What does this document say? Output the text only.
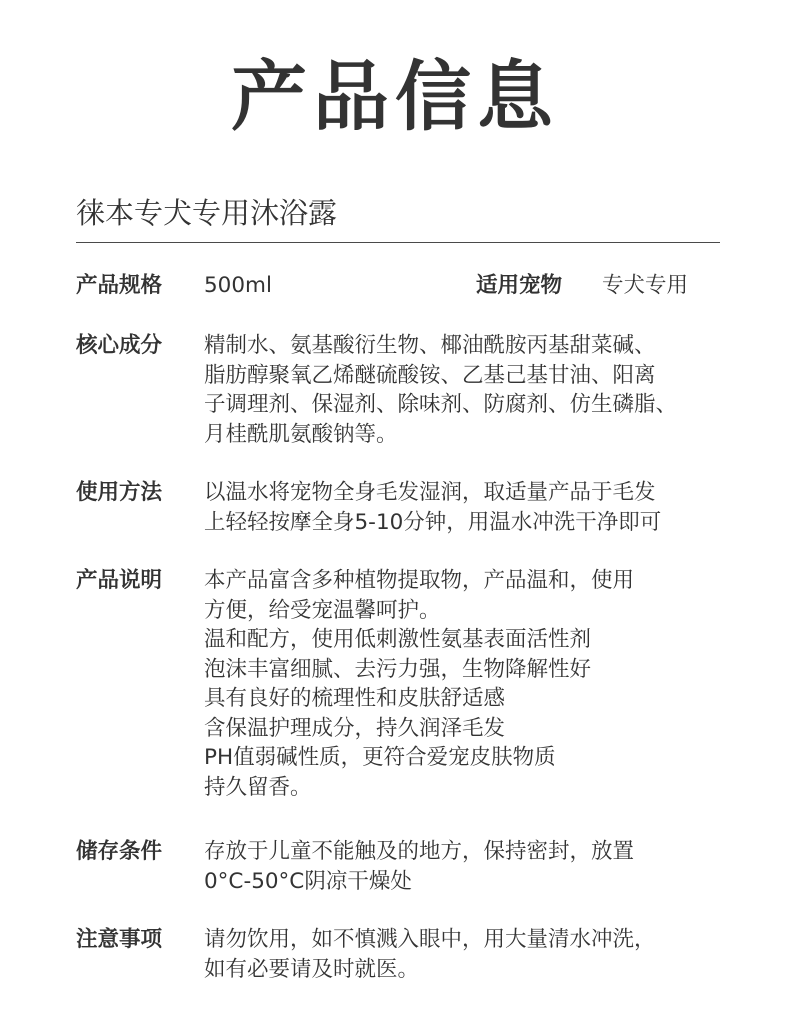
产品信息
徕本专犬专用沐浴露
产品规格	500ml	适用宠物 专犬专用
核心成分	精制水、氨基酸衍生物、椰油酰胺丙基甜菜碱、
脂肪醇聚氧乙烯醚硫酸铵、乙基己基甘油、阳离
子调理剂、保湿剂、除味剂、防腐剂、仿生磷脂、
月桂酰肌氨酸钠等。
使用方法	以温水将宠物全身毛发湿润，取适量产品于毛发
上轻轻按摩全身5-10分钟，用温水冲洗干净即可
产品说明	本产品富含多种植物提取物，产品温和，使用
方便，给受宠温馨呵护。
温和配方，使用低刺激性氨基表面活性剂
泡沫丰富细腻、去污力强，生物降解性好
具有良好的梳理性和皮肤舒适感
含保温护理成分，持久润泽毛发
PH值弱碱性质，更符合爱宠皮肤物质
持久留香。
储存条件	存放于儿童不能触及的地方，保持密封，放置
0°C-50°C阴凉干燥处
注意事项	请勿饮用，如不慎溅入眼中，用大量清水冲洗，
如有必要请及时就医。
